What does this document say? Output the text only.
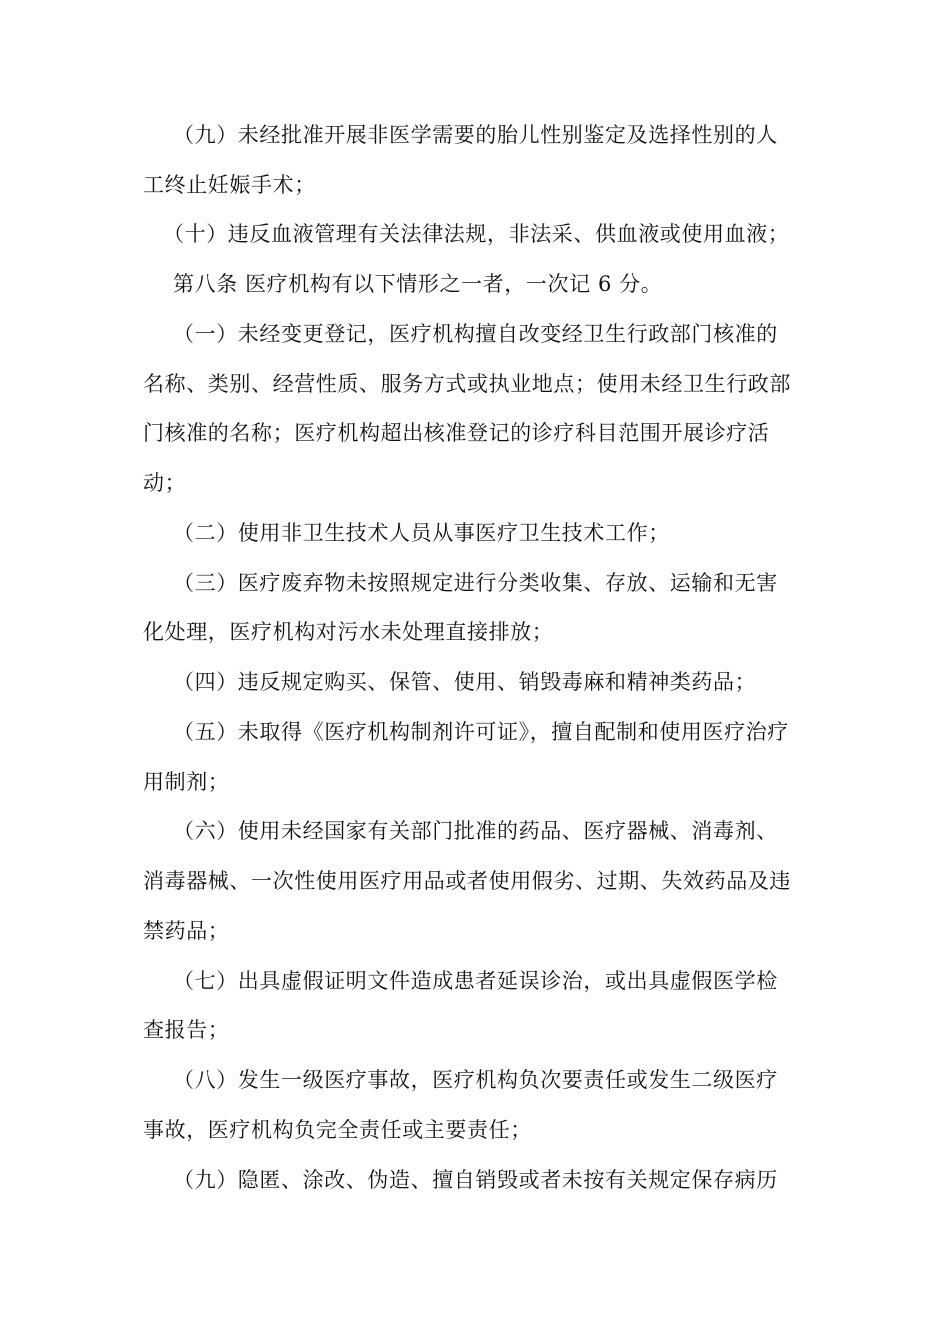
（九）未经批准开展非医学需要的胎儿性别鉴定及选择性别的人
工终止妊娠手术；
（十）违反血液管理有关法律法规，非法采、供血液或使用血液；
第八条 医疗机构有以下情形之一者，一次记 6 分。
（一）未经变更登记，医疗机构擅自改变经卫生行政部门核准的
名称、类别、经营性质、服务方式或执业地点；使用未经卫生行政部
门核准的名称；医疗机构超出核准登记的诊疗科目范围开展诊疗活
动；
（二）使用非卫生技术人员从事医疗卫生技术工作；
（三）医疗废弃物未按照规定进行分类收集、存放、运输和无害
化处理，医疗机构对污水未处理直接排放；
（四）违反规定购买、保管、使用、销毁毒麻和精神类药品；
（五）未取得《医疗机构制剂许可证》，擅自配制和使用医疗治疗
用制剂；
（六）使用未经国家有关部门批准的药品、医疗器械、消毒剂、
消毒器械、一次性使用医疗用品或者使用假劣、过期、失效药品及违
禁药品；
（七）出具虚假证明文件造成患者延误诊治，或出具虚假医学检
查报告；
（八）发生一级医疗事故，医疗机构负次要责任或发生二级医疗
事故，医疗机构负完全责任或主要责任；
（九）隐匿、涂改、伪造、擅自销毁或者未按有关规定保存病历
